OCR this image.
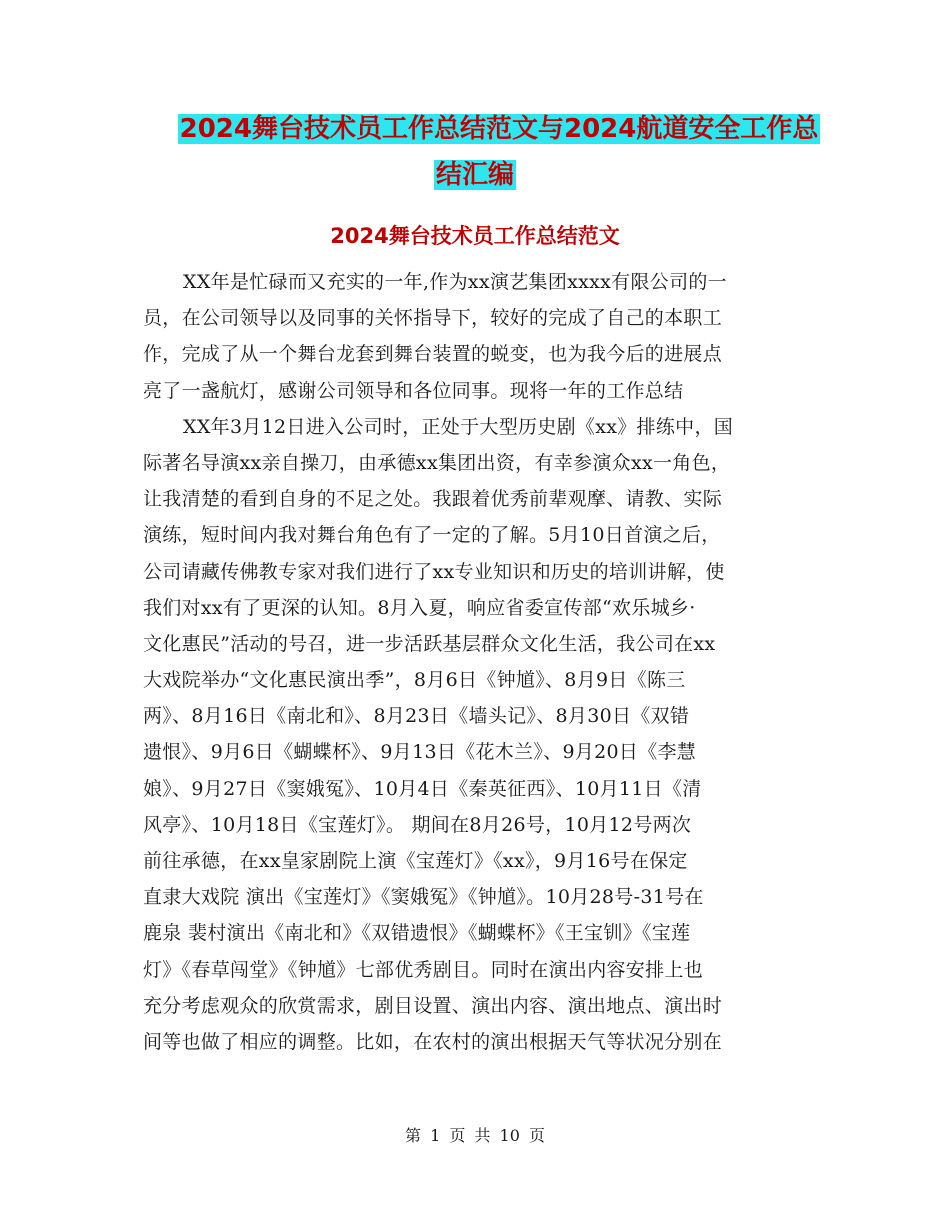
2024舞台技术员工作总结范文与2024航道安全工作总
结汇编
2024舞台技术员工作总结范文
XX年是忙碌而又充实的一年,作为xx演艺集团xxxx有限公司的一
员，在公司领导以及同事的关怀指导下，较好的完成了自己的本职工
作，完成了从一个舞台龙套到舞台装置的蜕变，也为我今后的进展点
亮了一盏航灯，感谢公司领导和各位同事。现将一年的工作总结
XX年3月12日进入公司时，正处于大型历史剧《xx》排练中，国
际著名导演xx亲自操刀，由承德xx集团出资，有幸参演众xx一角色，
让我清楚的看到自身的不足之处。我跟着优秀前辈观摩、请教、实际
演练，短时间内我对舞台角色有了一定的了解。5月10日首演之后，
公司请藏传佛教专家对我们进行了xx专业知识和历史的培训讲解，使
我们对xx有了更深的认知。8月入夏，响应省委宣传部“欢乐城乡·
文化惠民”活动的号召，进一步活跃基层群众文化生活，我公司在xx
大戏院举办“文化惠民演出季”，8月6日《钟馗》、8月9日《陈三
两》、8月16日《南北和》、8月23日《墙头记》、8月30日《双错
遗恨》、9月6日《蝴蝶杯》、9月13日《花木兰》、9月20日《李慧
娘》、9月27日《窦娥冤》、10月4日《秦英征西》、10月11日《清
风亭》、10月18日《宝莲灯》。 期间在8月26号，10月12号两次
前往承德，在xx皇家剧院上演《宝莲灯》《xx》，9月16号在保定
直隶大戏院 演出《宝莲灯》《窦娥冤》《钟馗》。10月28号-31号在
鹿泉 裴村演出《南北和》《双错遗恨》《蝴蝶杯》《王宝钏》《宝莲
灯》《春草闯堂》《钟馗》七部优秀剧目。同时在演出内容安排上也
充分考虑观众的欣赏需求，剧目设置、演出内容、演出地点、演出时
间等也做了相应的调整。比如，在农村的演出根据天气等状况分别在
第 1 页 共 10 页
